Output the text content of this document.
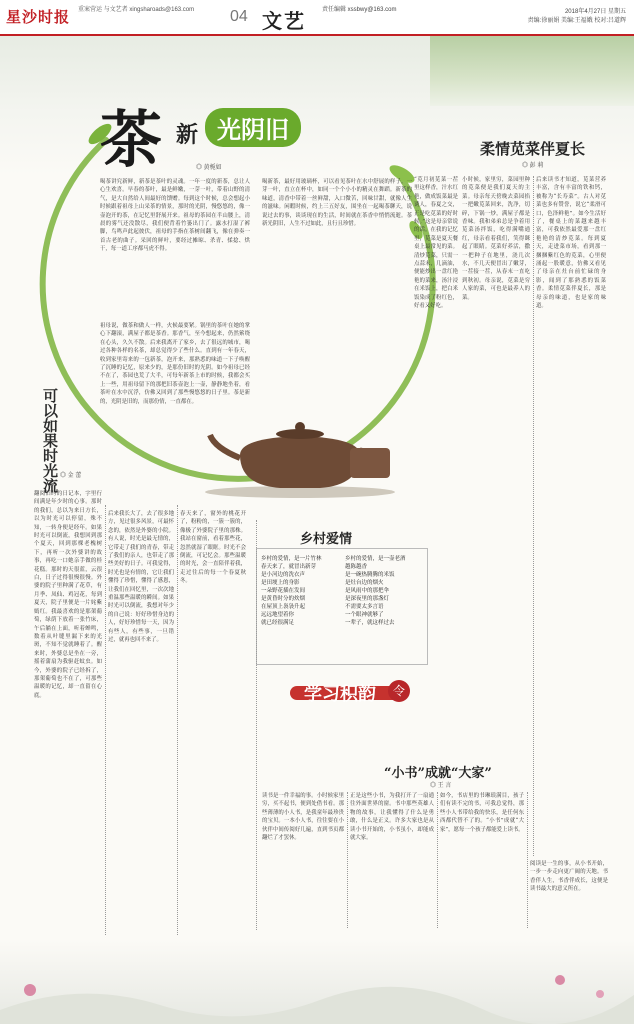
星沙时报 重案营运 与文艺者 xingsharoads@163.com 04 文艺	责任编辑 xssbwy@163.com	2018年4月27日 星期五
责编:徐丽娟 美编:王福娥 校对:吕道辉
茶 新 光阴旧
◎ 黄栀如
喝茶讲究新鲜，新茶是茶叶的灵魂。一年一度的新茶，总让人心生欢喜。早春的茶叶，最是鲜嫩，一芽一叶，带着山野的清气，是大自然给人间最好的馈赠。每到这个时候，总会想起小时候跟着祖母上山采茶的情景，那时的光阴，慢悠悠的，像一壶泡开的茶，在记忆里舒展开来。祖母的茶园在半山腰上，清晨的雾气还没散尽，我们便背着竹篓出门了。露水打湿了裤脚，鸟鸣声此起彼伏，祖母的手指在茶树间翻飞，像在弹奏一首古老的曲子。采回的鲜叶，要经过摊晾、杀青、揉捻、烘干，每一道工序都马虎不得。
祖母说，做茶和做人一样，火候最要紧。锅里的茶叶在她的掌心下翻滚，满屋子都是茶香。那香气，至今想起来，仍然萦绕在心头，久久不散。后来我离开了家乡，去了很远的城市，喝过各种各样的名茶，却总觉得少了些什么。直到有一年春天，收到家里寄来的一包新茶，泡开来，那熟悉的味道一下子唤醒了沉睡的记忆，原来少的，是那份旧时的光阴。如今祖母已经不在了，茶园也荒了大半，可每年新茶上市的时候，我都会买上一些，用祖母留下的那把旧茶壶泡上一壶，静静地坐着，看茶叶在水中沉浮，仿佛又回到了那些慢悠悠的日子里。茶是新的，光阴是旧的，而那份情，一直都在。
喝新茶，最好用玻璃杯，可以看见茶叶在水中舒展的样子。一芽一叶，直立在杯中，如同一个个小小的精灵在舞蹈。新茶的味道，清香中带着一丝鲜甜，入口微苦，回味甘甜，就像人生的滋味。闲暇时候，约上三五好友，围坐在一起喝茶聊天，说说过去的事，谈谈现在的生活，时间就在茶香中悄悄流逝。茶新光阴旧，人生不过如此，且行且珍惜。
可以如果时光流 ◎ 金 蕾
翻阅旧时的日记本，字里行间满是年少时的心事。那时的我们，总以为来日方长，以为时光可以停留，殊不知，一转身便是经年。如果时光可以倒流，我想回到那个夏天，回到那棵老槐树下，再听一次外婆讲的故事，再吃一口她亲手做的桂花糕。那时的天很蓝，云很白，日子过得很慢很慢。外婆的院子里种满了花草，有月季、凤仙、鸡冠花，每到夏天，院子里便是一片姹紫嫣红。我最喜欢的是那架葡萄，绿荫下放着一张竹床，午后躺在上面，听着蝉鸣，数着从叶缝里漏下来的光斑，不知不觉就睡着了。醒来时，外婆总是坐在一旁，摇着蒲扇为我驱赶蚊虫。如今，外婆的院子已经拆了，那架葡萄也不在了，可那些温暖的记忆，却一直留在心底。
后来我长大了，去了很多地方，见过很多风景，可最怀念的，依然是外婆的小院。有人说，时光是最无情的，它带走了我们的青春，带走了我们的亲人，也带走了那些美好的日子。可我觉得，时光也是有情的，它让我们懂得了珍惜，懂得了感恩，让我们在回忆里，一次次地重温那些温暖的瞬间。如果时光可以倒流，我想对年少的自己说：好好珍惜身边的人，好好珍惜每一天，因为有些人，有些事，一旦错过，就再也回不来了。
春天来了，窗外的桃花开了，粉粉的，一簇一簇的，像极了外婆院子里的那株。我站在窗前，看着那些花，忽然就湿了眼眶。时光不会倒流，可记忆会。那些温暖的时光，会一直陪伴着我，走过往后的每一个春夏秋冬。
柔情苋菜伴夏长
◎ 彭 莉
“苋月初苋菜一茬里这样香，汁水红艳，做成饭菜最是诱人，春夏之交，正是吃苋菜的好时候。”这是母亲常说的话。在我的记忆里，苋菜是夏天餐桌上最常见的菜。清炒苋菜，只需一点蒜末，几滴油，便能炒出一盘红艳艳的菜来，汤汁浸在米饭上，把白米饭染成了粉红色，好看又好吃。
小时候，家里穷，菜园里种的苋菜便是我们夏天的主菜。母亲每天傍晚去菜园掐一把嫩苋菜回来，洗净，切碎，下锅一炒，满屋子都是香味。我和弟弟总是争着用苋菜汤拌饭，吃得满嘴通红，母亲看着我们，笑得眯起了眼睛。苋菜好养活，撒一把种子在地里，浇几次水，不几天便冒出了嫩芽，一茬接一茬，从春末一直吃到秋初。母亲说，苋菜是穷人家的菜，可也是最养人的菜。
后来读书才知道，苋菜营养丰富，含有丰富的铁和钙，被称为“长寿菜”。古人对苋菜也多有赞誉，说它“柔滑可口，色泽鲜艳”。如今生活好了，餐桌上的菜越来越丰富，可我依然最爱那一盘红艳艳的清炒苋菜。每到夏天，走进菜市场，看到那一捆捆紫红色的苋菜，心里便涌起一股暖意，仿佛又看见了母亲在灶台前忙碌的身影，闻到了那熟悉的饭菜香。柔情苋菜伴夏长，那是母亲的味道，也是家的味道。
乡村爱情
乡村的爱情，是一片竹林
春天来了，就冒出新芽
是小河边的洗衣声
是田埂上的身影
一朵野花插在发间
是黄昏时分的炊烟
在屋顶上袅袅升起
远远地望着你
就已经很满足
乡村的爱情，是一壶老酒
越陈越香
是一碗热腾腾的米饭
是灶台边的烟火
是风雨中的那把伞
是深夜里的那盏灯
不需要太多言语
一个眼神就够了
一辈子，就这样过去
学习积韵	令
“小书”成就“大家”
◎ 王 言
读书是一件幸福的事。小时候家里穷，买不起书，便到处借书看。那些薄薄的小人书，是我童年最珍贵的宝贝。一本小人书，往往要在小伙伴中间传阅好几遍，直到书页都翻烂了才罢休。
正是这些小书，为我打开了一扇通往外面世界的窗。书中那些英雄人物的故事，让我懂得了什么是勇敢，什么是正义。许多大家也是从读小书开始的，小书虽小，却能成就大家。
如今，书店里的书琳琅满目，孩子们有读不完的书，可我总觉得，那些小人书带给我的快乐，是任何东西都代替不了的。“小书”成就“大家”，愿每一个孩子都能爱上读书。
阅读是一生的事，从小书开始，一步一步走向更广阔的天地。书香伴人生，书香伴成长，这便是读书最大的意义所在。
